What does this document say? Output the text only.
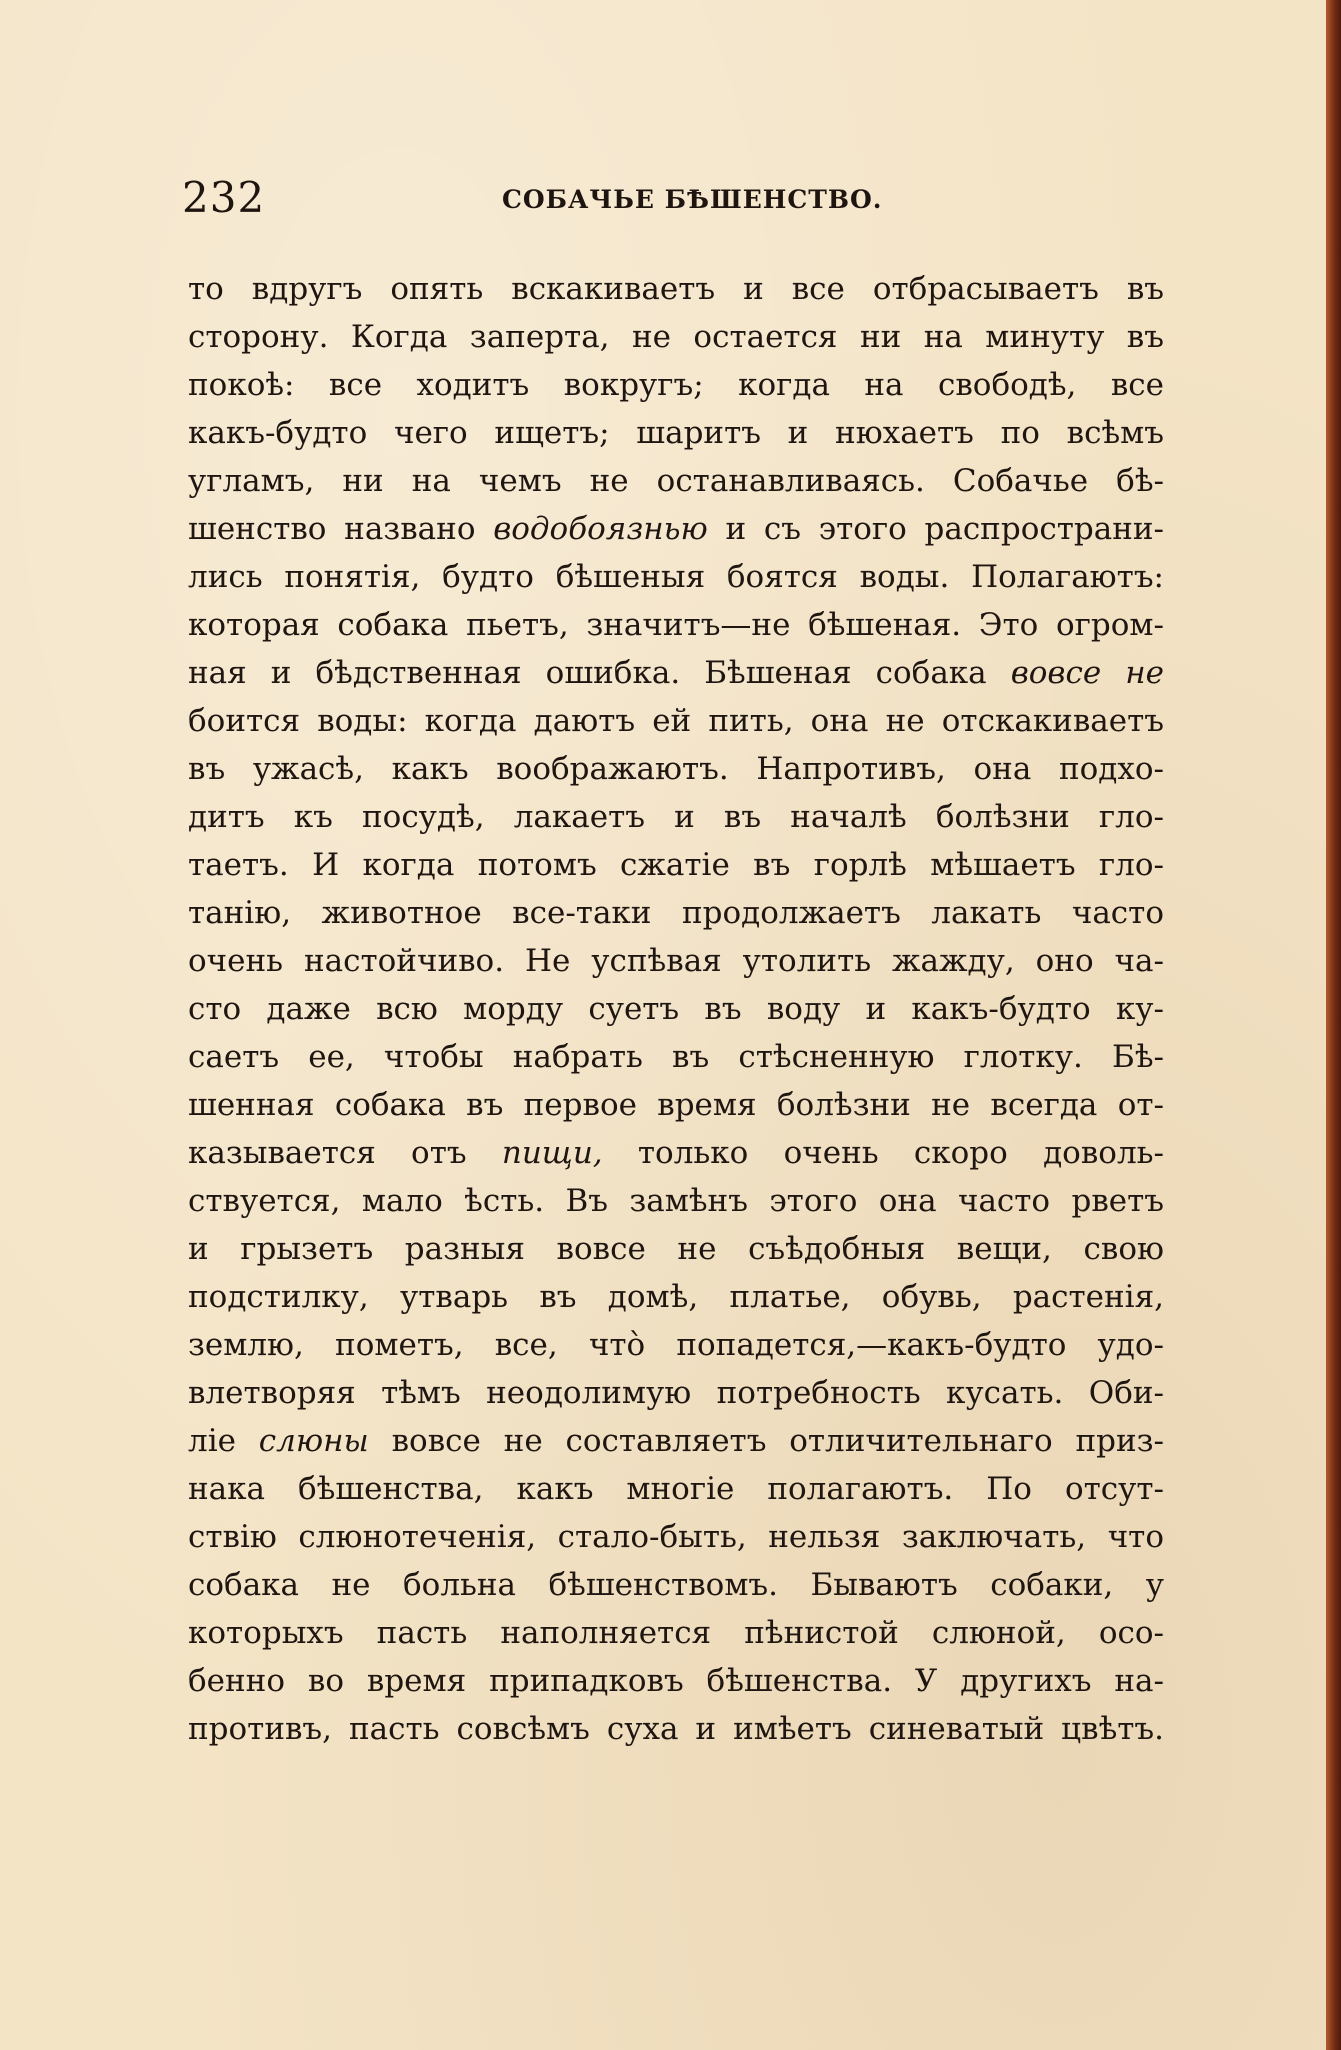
232	СОБАЧЬЕ БѢШЕНСТВО.
то вдругъ опять вскакиваетъ и все отбрасываетъ въ
сторону. Когда заперта, не остается ни на минуту въ
покоѣ: все ходитъ вокругъ; когда на свободѣ, все
какъ-будто чего ищетъ; шаритъ и нюхаетъ по всѣмъ
угламъ, ни на чемъ не останавливаясь. Собачье бѣ-
шенство названо водобоязнью и съ этого распространи-
лись понятія, будто бѣшеныя боятся воды. Полагаютъ:
которая собака пьетъ, значитъ—не бѣшеная. Это огром-
ная и бѣдственная ошибка. Бѣшеная собака вовсе не
боится воды: когда даютъ ей пить, она не отскакиваетъ
въ ужасѣ, какъ воображаютъ. Напротивъ, она подхо-
дитъ къ посудѣ, лакаетъ и въ началѣ болѣзни гло-
таетъ. И когда потомъ сжатіе въ горлѣ мѣшаетъ гло-
танію, животное все-таки продолжаетъ лакать часто
очень настойчиво. Не успѣвая утолить жажду, оно ча-
сто даже всю морду суетъ въ воду и какъ-будто ку-
саетъ ее, чтобы набрать въ стѣсненную глотку. Бѣ-
шенная собака въ первое время болѣзни не всегда от-
казывается отъ пищи, только очень скоро доволь-
ствуется, мало ѣсть. Въ замѣнъ этого она часто рветъ
и грызетъ разныя вовсе не съѣдобныя вещи, свою
подстилку, утварь въ домѣ, платье, обувь, растенія,
землю, пометъ, все, что̀ попадется,—какъ-будто удо-
влетворяя тѣмъ неодолимую потребность кусать. Оби-
ліе слюны вовсе не составляетъ отличительнаго приз-
нака бѣшенства, какъ многіе полагаютъ. По отсут-
ствію слюнотеченія, стало-быть, нельзя заключать, что
собака не больна бѣшенствомъ. Бываютъ собаки, у
которыхъ пасть наполняется пѣнистой слюной, осо-
бенно во время припадковъ бѣшенства. У другихъ на-
противъ, пасть совсѣмъ суха и имѣетъ синеватый цвѣтъ.
